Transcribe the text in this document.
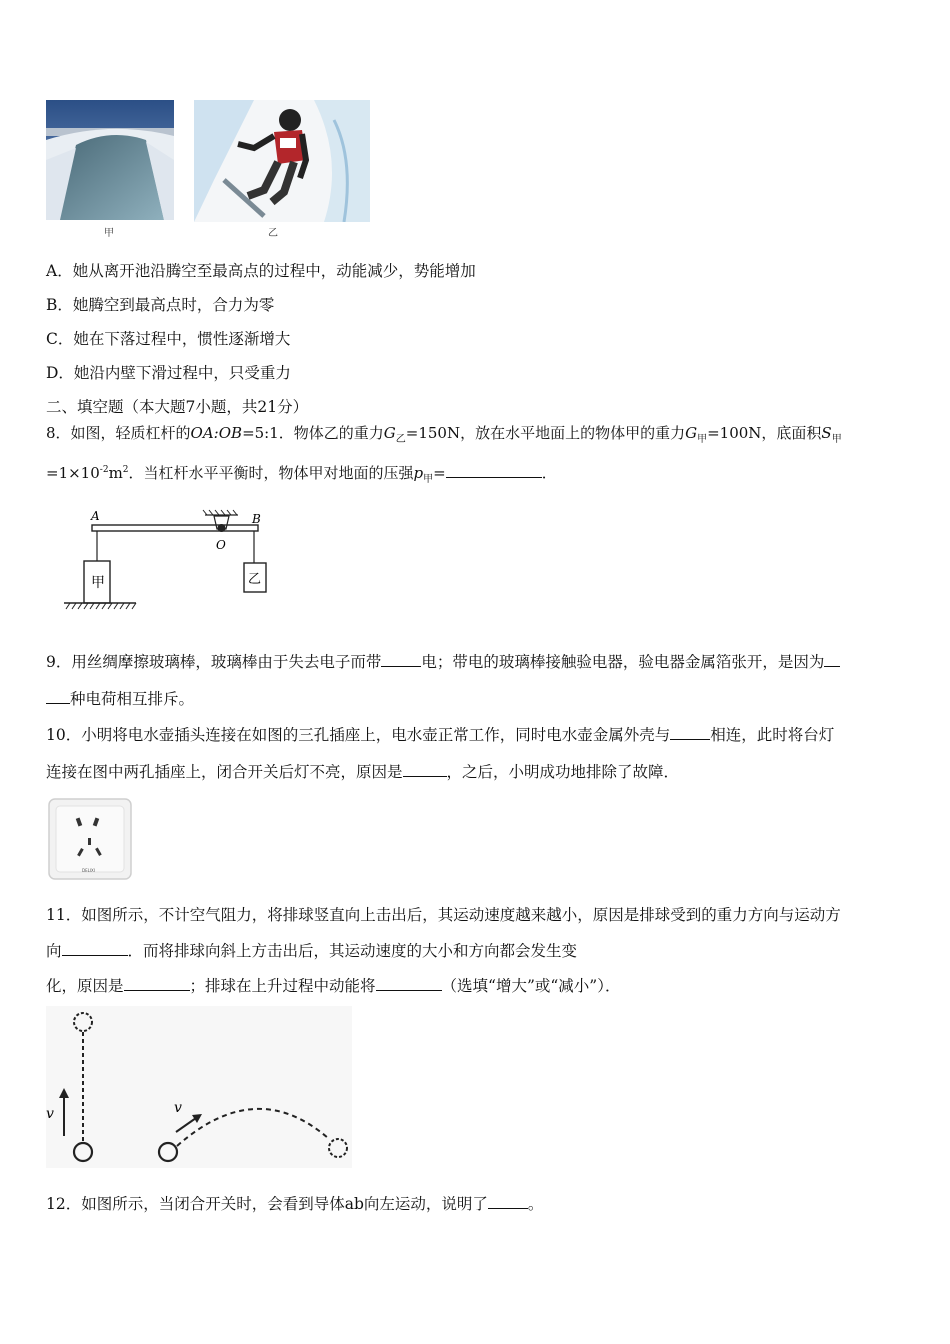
甲	乙
A．她从离开池沿腾空至最高点的过程中，动能减少，势能增加
B．她腾空到最高点时，合力为零
C．她在下落过程中，惯性逐渐增大
D．她沿内壁下滑过程中，只受重力
二、填空题（本大题7小题，共21分）
8．如图，轻质杠杆的OA:OB=5:1．物体乙的重力$G_乙=150N$，放在水平地面上的物体甲的重力$G_甲=100N$，底面积$S_甲$
$=1\times 10^{-2}m^2$．当杠杆水平平衡时，物体甲对地面的压强$p_甲=$	．
A	B
O
甲	乙
9．用丝绸摩擦玻璃棒，玻璃棒由于失去电子而带	电；带电的玻璃棒接触验电器，验电器金属箔张开，是因为
种电荷相互排斥。
10．小明将电水壶插头连接在如图的三孔插座上，电水壶正常工作，同时电水壶金属外壳与	相连，此时将台灯
连接在图中两孔插座上，闭合开关后灯不亮，原因是	，之后，小明成功地排除了故障．
DELIXI
11．如图所示，不计空气阻力，将排球竖直向上击出后，其运动速度越来越小，原因是排球受到的重力方向与运动方
向	．而将排球向斜上方击出后，其运动速度的大小和方向都会发生变
化，原因是	；排球在上升过程中动能将	（选填“增大”或“减小”）．
v	v
12．如图所示，当闭合开关时，会看到导体ab向左运动，说明了	。
